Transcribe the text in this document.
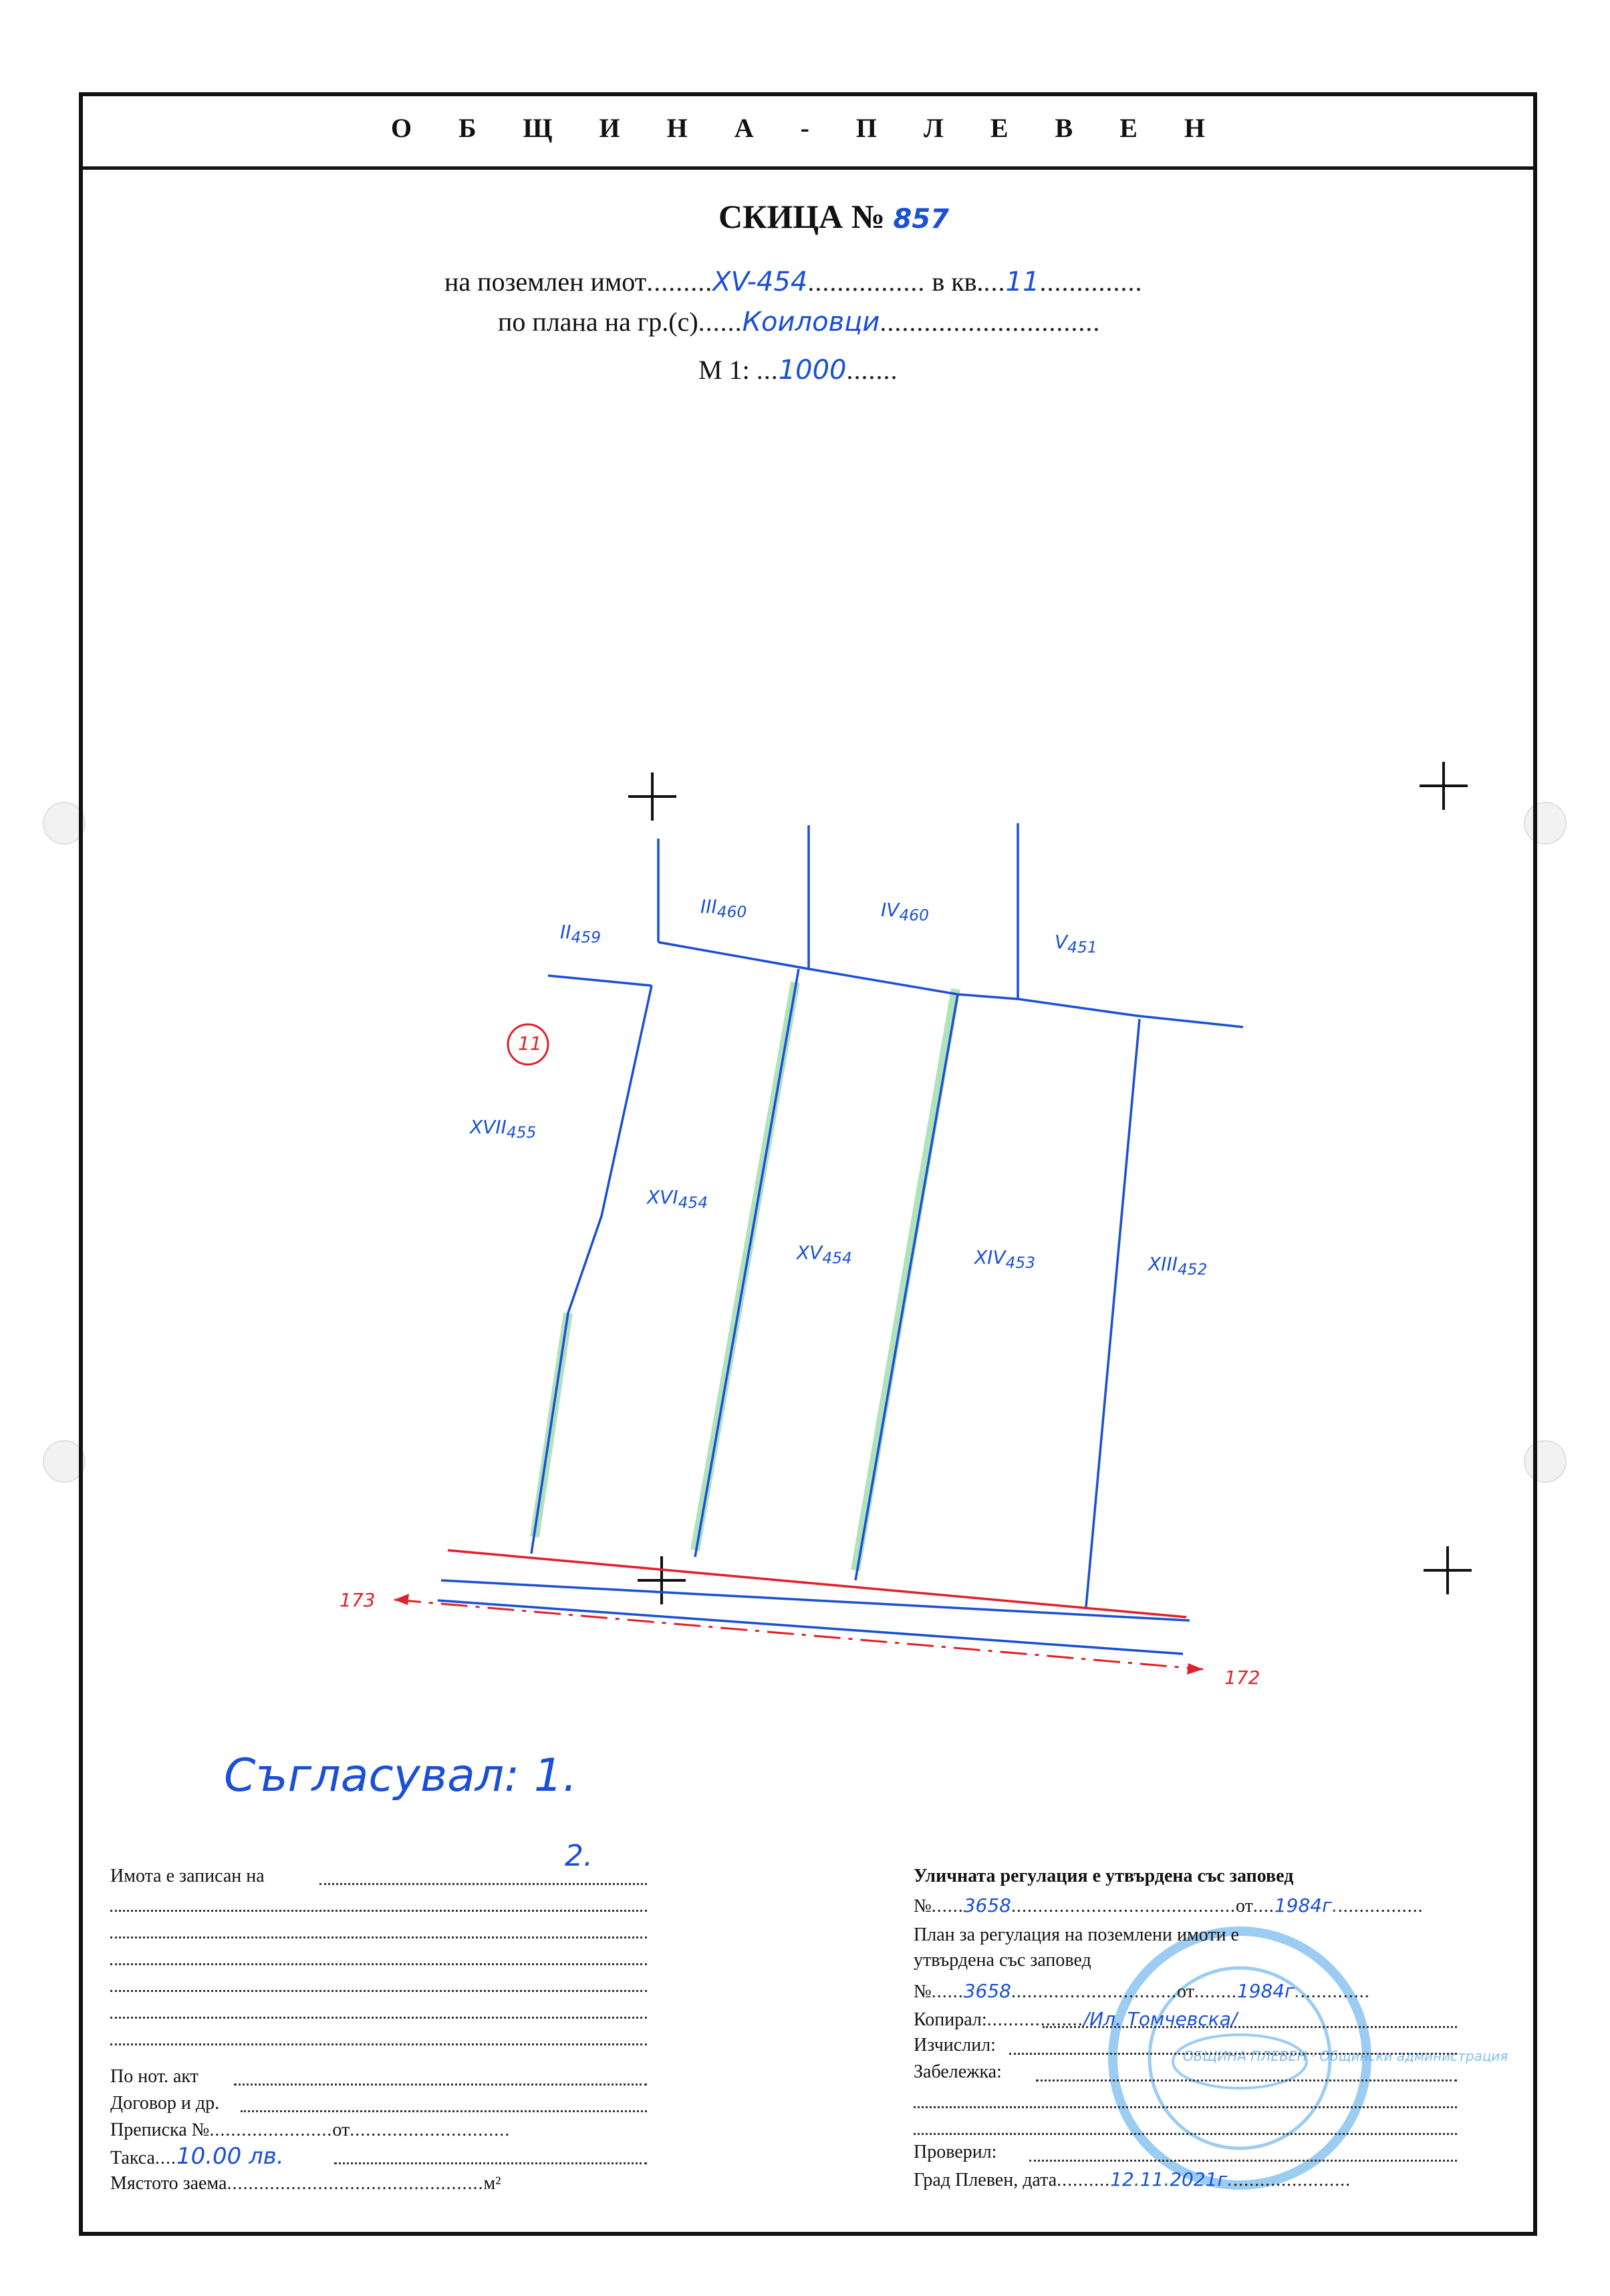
О Б Щ И Н А - П Л Е В Е Н
СКИЦА № 857
на поземлен имот.........XV-454................ в кв....11..............
по плана на гр.(с)......Коиловци..............................
М 1: ...1000.......
11
$II_{459}$
$III_{460}$	$IV_{460}$
$V_{451}$
$XVII_{455}$
$XVI_{454}$
$XV_{454}$	$XIV_{453}$	$XIII_{452}$
173
172
Съгласувал: 1.
2.
Имота е записан на
По нот. акт
Договор и др.
Преписка №.......................от..............................
Такса....10.00 лв.
Мястото заема................................................м²
ОБЩИНА ПЛЕВЕН · Общински администрация
Уличната регулация е утвърдена със заповед
№......3658..........................................от....1984г.................
План за регулация на поземлени имоти е
утвърдена със заповед
№......3658...............................от........1984г..............
Копирал:................../Ил. Томчевска/
Изчислил:
Забележка:
Проверил:
Град Плевен, дата..........12.11.2021г.......................
